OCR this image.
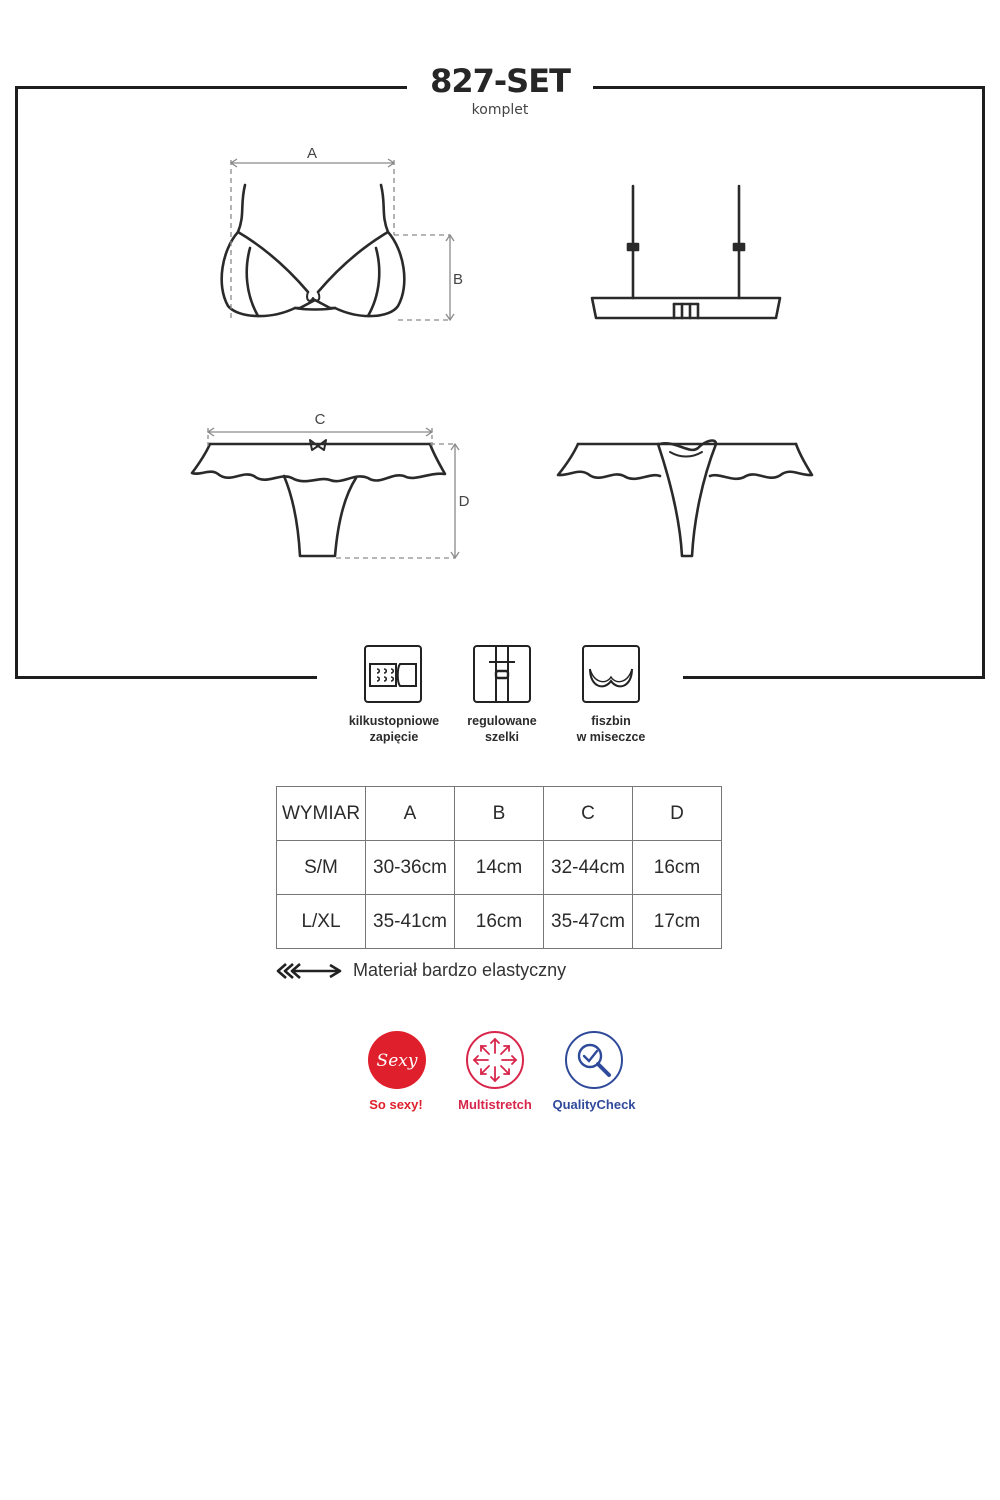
827-SET
komplet
A
B
C
D
kilkustopniowe
zapięcie
regulowane
szelki
fiszbin
w miseczce
WYMIAR	A	B	C	D
S/M	30-36cm	14cm	32-44cm	16cm
L/XL	35-41cm	16cm	35-47cm	17cm
Materiał bardzo elastyczny
Sexy
So sexy!	Multistretch	QualityCheck
